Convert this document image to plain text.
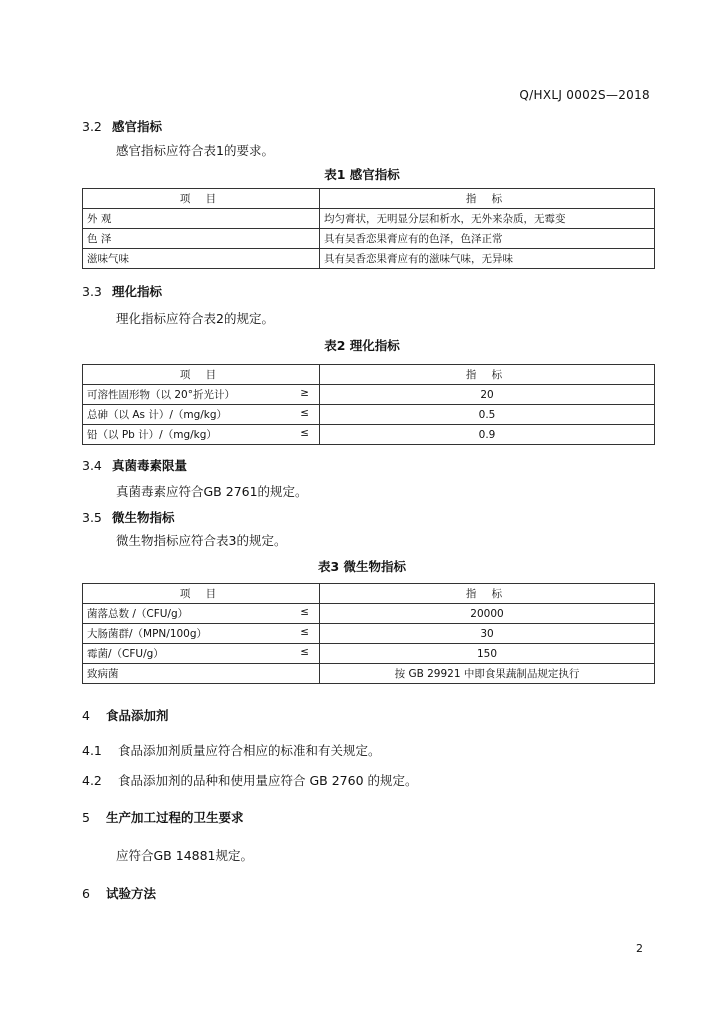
Q/HXLJ 0002S—2018
3.2 感官指标
感官指标应符合表1的要求。
表1 感官指标
项 目	指 标
外 观	均匀膏状，无明显分层和析水，无外来杂质，无霉变
色 泽	具有吴香恋果膏应有的色泽，色泽正常
滋味气味	具有吴香恋果膏应有的滋味气味，无异味
3.3 理化指标
理化指标应符合表2的规定。
表2 理化指标
项 目	指 标
可溶性固形物（以 20°折光计） ≥	20
总砷（以 As 计）/（mg/kg） ≤	0.5
铅（以 Pb 计）/（mg/kg） ≤	0.9
3.4 真菌毒素限量
真菌毒素应符合GB 2761的规定。
3.5 微生物指标
微生物指标应符合表3的规定。
表3 微生物指标
项 目	指 标
菌落总数 /（CFU/g） ≤	20000
大肠菌群/（MPN/100g） ≤	30
霉菌/（CFU/g） ≤	150
致病菌	按 GB 29921 中即食果蔬制品规定执行
4 食品添加剂
4.1 食品添加剂质量应符合相应的标准和有关规定。
4.2 食品添加剂的品种和使用量应符合 GB 2760 的规定。
5 生产加工过程的卫生要求
应符合GB 14881规定。
6 试验方法
2
